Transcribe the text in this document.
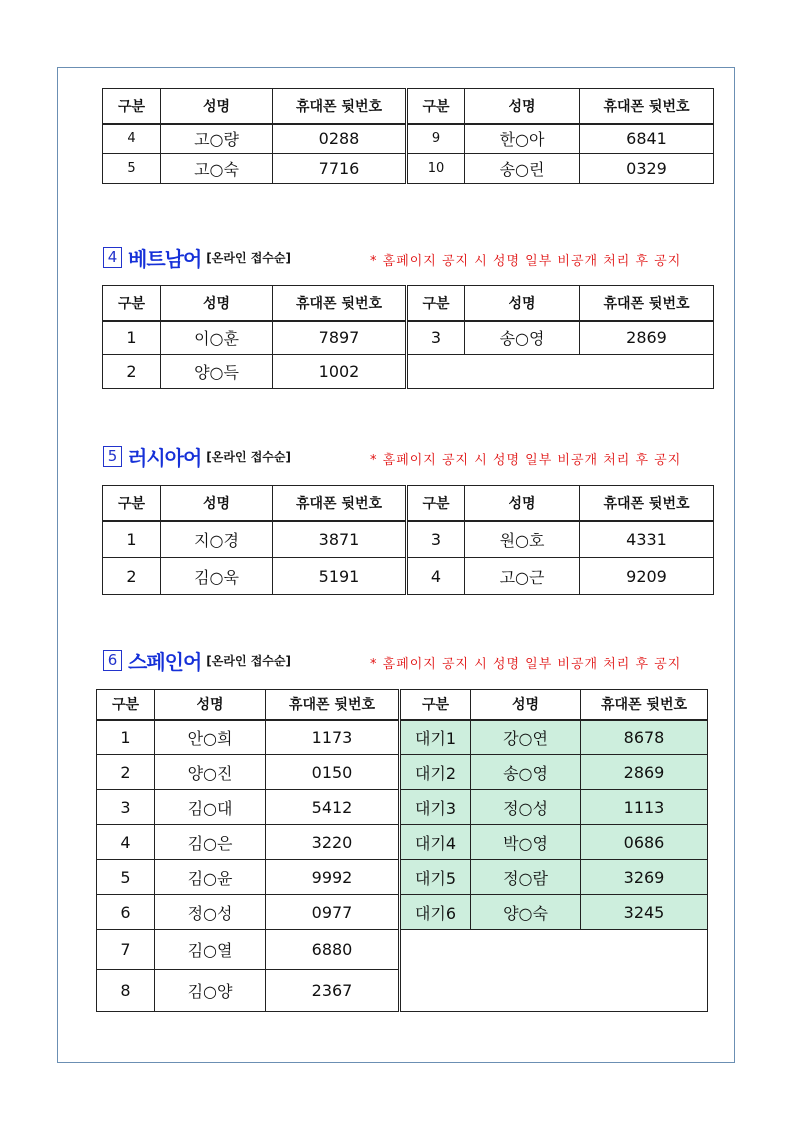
구분	성명	휴대폰 뒷번호	구분	성명	휴대폰 뒷번호
4	고○량	0288	9	한○아	6841
5	고○숙	7716	10	송○린	0329
4 베트남어 [온라인 접수순]	* 홈페이지 공지 시 성명 일부 비공개 처리 후 공지
구분	성명	휴대폰 뒷번호	구분	성명	휴대폰 뒷번호
1	이○훈	7897	3	송○영	2869
2	양○득	1002			
5 러시아어 [온라인 접수순]	* 홈페이지 공지 시 성명 일부 비공개 처리 후 공지
구분	성명	휴대폰 뒷번호	구분	성명	휴대폰 뒷번호
1	지○경	3871	3	원○호	4331
2	김○욱	5191	4	고○근	9209
6 스페인어 [온라인 접수순]	* 홈페이지 공지 시 성명 일부 비공개 처리 후 공지
구분	성명	휴대폰 뒷번호	구분	성명	휴대폰 뒷번호
1	안○희	1173	대기1	강○연	8678
2	양○진	0150	대기2	송○영	2869
3	김○대	5412	대기3	정○성	1113
4	김○은	3220	대기4	박○영	0686
5	김○윤	9992	대기5	정○람	3269
6	정○성	0977	대기6	양○숙	3245
7	김○열	6880			
8	김○양	2367			
